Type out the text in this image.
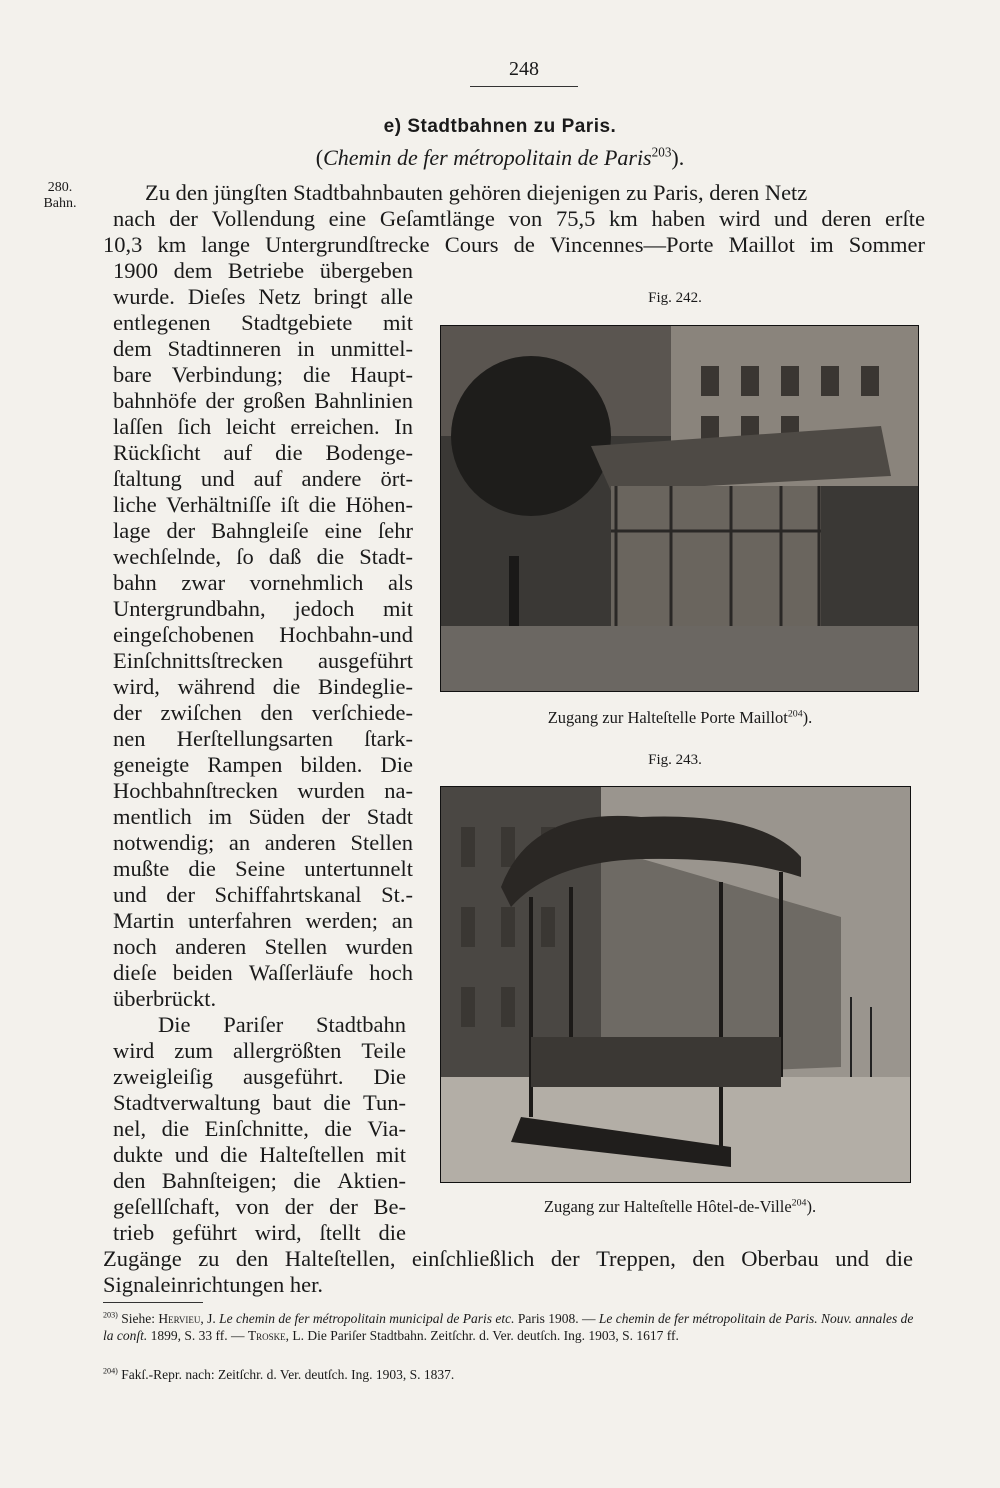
248
e) Stadtbahnen zu Paris.
(Chemin de fer métropolitain de Paris$^{203}$).
280.
Bahn.	Zu den jüngſten Stadtbahnbauten gehören diejenigen zu Paris, deren Netz
nach der Vollendung eine Geſamtlänge von 75,5 km haben wird und deren erſte
10,3 km lange Untergrundſtrecke Cours de Vincennes—Porte Maillot im Sommer
1900 dem Betriebe übergeben
wurde. Dieſes Netz bringt alle
entlegenen Stadtgebiete mit
dem Stadtinneren in unmittel-
bare Verbindung; die Haupt-
bahnhöfe der großen Bahnlinien
laſſen ſich leicht erreichen. In
Rückſicht auf die Bodenge-
ſtaltung und auf andere ört-
liche Verhältniſſe iſt die Höhen-
lage der Bahngleiſe eine ſehr
wechſelnde, ſo daß die Stadt-
bahn zwar vornehmlich als
Untergrundbahn, jedoch mit
eingeſchobenen Hochbahn-und
Einſchnittsſtrecken ausgeführt
wird, während die Bindeglie-
der zwiſchen den verſchiede-
nen Herſtellungsarten ſtark-
geneigte Rampen bilden. Die
Hochbahnſtrecken wurden na-
mentlich im Süden der Stadt
notwendig; an anderen Stellen
mußte die Seine untertunnelt
und der Schiffahrtskanal St.-
Martin unterfahren werden; an
noch anderen Stellen wurden
dieſe beiden Waſſerläufe hoch
überbrückt.
Die Pariſer Stadtbahn
wird zum allergrößten Teile
zweigleiſig ausgeführt. Die
Stadtverwaltung baut die Tun-
nel, die Einſchnitte, die Via-
dukte und die Halteſtellen mit
den Bahnſteigen; die Aktien-
geſellſchaft, von der der Be-
trieb geführt wird, ſtellt die
Zugänge zu den Halteſtellen, einſchließlich der Treppen, den Oberbau und die
Signaleinrichtungen her.
Fig. 242.
Zugang zur Halteſtelle Porte Maillot$^{204}$).
Fig. 243.
Zugang zur Halteſtelle Hôtel-de-Ville$^{204}$).
$^{203)}$ Siehe: Hervieu, J. Le chemin de fer métropolitain municipal de Paris etc. Paris 1908. — Le chemin de fer métropolitain de Paris. Nouv. annales de la conſt. 1899, S. 33 ff. — Troske, L. Die Pariſer Stadtbahn. Zeitſchr. d. Ver. deutſch. Ing. 1903, S. 1617 ff.
$^{204)}$ Fakſ.-Repr. nach: Zeitſchr. d. Ver. deutſch. Ing. 1903, S. 1837.
